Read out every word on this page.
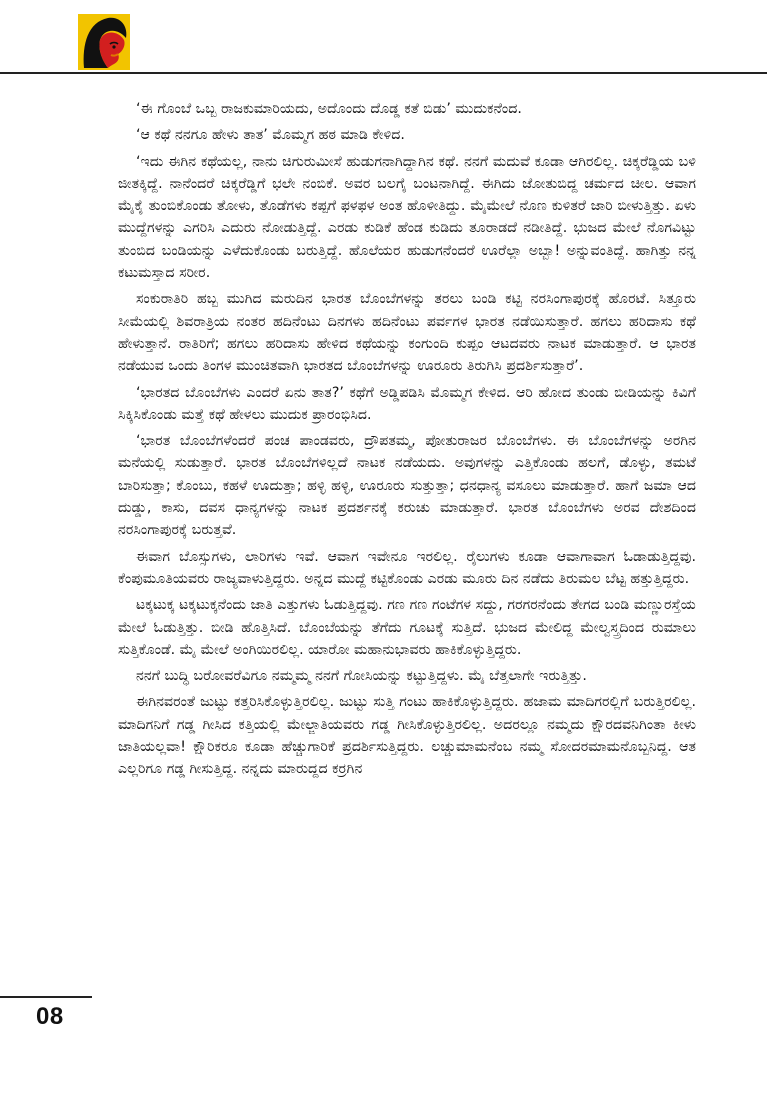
‘ಈ ಗೊಂಬೆ ಒಬ್ಬ ರಾಜಕುಮಾರಿಯದು, ಅದೊಂದು ದೊಡ್ಡ ಕತೆ ಬಿಡು’ ಮುದುಕನೆಂದ.

‘ಆ ಕಥೆ ನನಗೂ ಹೇಳು ತಾತ’ ಮೊಮ್ಮಗ ಹಠ ಮಾಡಿ ಕೇಳಿದ.

‘ಇದು ಈಗಿನ ಕಥೆಯಲ್ಲ, ನಾನು ಚಿಗುರುಮೀಸೆ ಹುಡುಗನಾಗಿದ್ದಾಗಿನ ಕಥೆ. ನನಗೆ ಮದುವೆ ಕೂಡಾ ಆಗಿರಲಿಲ್ಲ. ಚಿಕ್ಕರೆಡ್ಡಿಯ ಬಳಿ ಜೀತಕ್ಕಿದ್ದೆ. ನಾನೆಂದರೆ ಚಿಕ್ಕರೆಡ್ಡಿಗೆ ಭಲೇ ನಂಬಿಕೆ. ಅವರ ಬಲಗೈ ಬಂಟನಾಗಿದ್ದೆ. ಈಗಿದು ಜೋತುಬಿದ್ದ ಚರ್ಮದ ಚೀಲ. ಆವಾಗ ಮೈಕೈ ತುಂಬಿಕೊಂಡು ತೋಳು, ತೊಡೆಗಳು ಕಪ್ಪಗೆ ಫಳಫಳ ಅಂತ ಹೊಳೀತಿದ್ದು. ಮೈಮೇಲೆ ನೊಣ ಕುಳಿತರೆ ಜಾರಿ ಬೀಳುತ್ತಿತ್ತು. ಏಳು ಮುದ್ದೆಗಳನ್ನು ಎಗರಿಸಿ ಎದುರು ನೋಡುತ್ತಿದ್ದೆ. ಎರಡು ಕುಡಿಕೆ ಹೆಂಡ ಕುಡಿದು ತೂರಾಡದೆ ನಡೀತಿದ್ದೆ. ಭುಜದ ಮೇಲೆ ನೊಗವಿಟ್ಟು ತುಂಬಿದ ಬಂಡಿಯನ್ನು ಎಳೆದುಕೊಂಡು ಬರುತ್ತಿದ್ದೆ. ಹೊಲೆಯರ ಹುಡುಗನೆಂದರೆ ಊರೆಲ್ಲಾ ಅಬ್ಬಾ! ಅನ್ನುವಂತಿದ್ದೆ. ಹಾಗಿತ್ತು ನನ್ನ ಕಟುಮಸ್ತಾದ ಸರೀರ.

ಸಂಕುರಾತಿರಿ ಹಬ್ಬ ಮುಗಿದ ಮರುದಿನ ಭಾರತ ಬೊಂಬೆಗಳನ್ನು ತರಲು ಬಂಡಿ ಕಟ್ಟಿ ನರಸಿಂಗಾಪುರಕ್ಕೆ ಹೊರಟೆ. ಸಿತ್ತೂರು ಸೀಮೆಯಲ್ಲಿ ಶಿವರಾತ್ರಿಯ ನಂತರ ಹದಿನೆಂಟು ದಿನಗಳು ಹದಿನೆಂಟು ಪರ್ವಗಳ ಭಾರತ ನಡೆಯಿಸುತ್ತಾರೆ. ಹಗಲು ಹರಿದಾಸು ಕಥೆ ಹೇಳುತ್ತಾನೆ. ರಾತಿರಿಗೆ; ಹಗಲು ಹರಿದಾಸು ಹೇಳಿದ ಕಥೆಯನ್ನು ಕಂಗುಂದಿ ಕುಪ್ಪಂ ಆಟದವರು ನಾಟಕ ಮಾಡುತ್ತಾರೆ. ಆ ಭಾರತ ನಡೆಯುವ ಒಂದು ತಿಂಗಳ ಮುಂಚಿತವಾಗಿ ಭಾರತದ ಬೊಂಬೆಗಳನ್ನು ಊರೂರು ತಿರುಗಿಸಿ ಪ್ರದರ್ಶಿಸುತ್ತಾರೆ’.

‘ಭಾರತದ ಬೊಂಬೆಗಳು ಎಂದರೆ ಏನು ತಾತ?’ ಕಥೆಗೆ ಅಡ್ಡಿಪಡಿಸಿ ಮೊಮ್ಮಗ ಕೇಳಿದ. ಆರಿ ಹೋದ ತುಂಡು ಬೀಡಿಯನ್ನು ಕಿವಿಗೆ ಸಿಕ್ಕಿಸಿಕೊಂಡು ಮತ್ತೆ ಕಥೆ ಹೇಳಲು ಮುದುಕ ಪ್ರಾರಂಭಿಸಿದ.

‘ಭಾರತ ಬೊಂಬೆಗಳೆಂದರೆ ಪಂಚ ಪಾಂಡವರು, ದ್ರೌಪತಮ್ಮ, ಪೋತುರಾಜರ ಬೊಂಬೆಗಳು. ಈ ಬೊಂಬೆಗಳನ್ನು ಅರಗಿನ ಮನೆಯಲ್ಲಿ ಸುಡುತ್ತಾರೆ. ಭಾರತ ಬೊಂಬೆಗಳಿಲ್ಲದೆ ನಾಟಕ ನಡೆಯದು. ಅವುಗಳನ್ನು ಎತ್ತಿಕೊಂಡು ಹಲಗೆ, ಡೊಳ್ಳು, ತಮಟೆ ಬಾರಿಸುತ್ತಾ; ಕೊಂಬು, ಕಹಳೆ ಊದುತ್ತಾ; ಹಳ್ಳಿ ಹಳ್ಳಿ, ಊರೂರು ಸುತ್ತುತ್ತಾ; ಧನಧಾನ್ಯ ವಸೂಲು ಮಾಡುತ್ತಾರೆ. ಹಾಗೆ ಜಮಾ ಆದ ದುಡ್ಡು, ಕಾಸು, ದವಸ ಧಾನ್ಯಗಳನ್ನು ನಾಟಕ ಪ್ರದರ್ಶನಕ್ಕೆ ಕರುಚು ಮಾಡುತ್ತಾರೆ. ಭಾರತ ಬೊಂಬೆಗಳು ಅರವ ದೇಶದಿಂದ ನರಸಿಂಗಾಪುರಕ್ಕೆ ಬರುತ್ತವೆ.

ಈವಾಗ ಬೊಸ್ಸುಗಳು, ಲಾರಿಗಳು ಇವೆ. ಆವಾಗ ಇವೇನೂ ಇರಲಿಲ್ಲ. ರೈಲುಗಳು ಕೂಡಾ ಆವಾಗಾವಾಗ ಓಡಾಡುತ್ತಿದ್ದವು. ಕೆಂಪುಮೂತಿಯವರು ರಾಜ್ಯವಾಳುತ್ತಿದ್ದರು. ಅನ್ನದ ಮುದ್ದೆ ಕಟ್ಟಿಕೊಂಡು ಎರಡು ಮೂರು ದಿನ ನಡೆದು ತಿರುಮಲ ಬೆಟ್ಟ ಹತ್ತುತ್ತಿದ್ದರು.

ಟಕ್ಕಟುಕ್ಕ ಟಕ್ಕಟುಕ್ಕನೆಂದು ಜಾತಿ ಎತ್ತುಗಳು ಓಡುತ್ತಿದ್ದವು. ಗಣ ಗಣ ಗಂಟೆಗಳ ಸದ್ದು, ಗರಗರನೆಂದು ತೇಗದ ಬಂಡಿ ಮಣ್ಣುರಸ್ತೆಯ ಮೇಲೆ ಓಡುತ್ತಿತ್ತು. ಬೀಡಿ ಹೊತ್ತಿಸಿದೆ. ಬೊಂಬೆಯನ್ನು ತೆಗೆದು ಗೂಟಕ್ಕೆ ಸುತ್ತಿದೆ. ಭುಜದ ಮೇಲಿದ್ದ ಮೇಲ್ವಸ್ತ್ರದಿಂದ ರುಮಾಲು ಸುತ್ತಿಕೊಂಡೆ. ಮೈ ಮೇಲೆ ಅಂಗಿಯಿರಲಿಲ್ಲ. ಯಾರೋ ಮಹಾನುಭಾವರು ಹಾಕಿಕೊಳ್ಳುತ್ತಿದ್ದರು.

ನನಗೆ ಬುದ್ಧಿ ಬರೋವರೆವಿಗೂ ನಮ್ಮಮ್ಮ ನನಗೆ ಗೋಸಿಯನ್ನು ಕಟ್ಟುತ್ತಿದ್ದಳು. ಮೈ ಬೆತ್ತಲಾಗೇ ಇರುತ್ತಿತ್ತು.

ಈಗಿನವರಂತೆ ಜುಟ್ಟು ಕತ್ತರಿಸಿಕೊಳ್ಳುತ್ತಿರಲಿಲ್ಲ. ಜುಟ್ಟು ಸುತ್ತಿ ಗಂಟು ಹಾಕಿಕೊಳ್ಳುತ್ತಿದ್ದರು. ಹಜಾಮ ಮಾದಿಗರಲ್ಲಿಗೆ ಬರುತ್ತಿರಲಿಲ್ಲ. ಮಾದಿಗನಿಗೆ ಗಡ್ಡ ಗೀಸಿದ ಕತ್ತಿಯಲ್ಲಿ ಮೇಲ್ಜಾತಿಯವರು ಗಡ್ಡ ಗೀಸಿಕೊಳ್ಳುತ್ತಿರಲಿಲ್ಲ. ಅದರಲ್ಲೂ ನಮ್ಮದು ಕ್ಷೌರದವನಿಗಿಂತಾ ಕೀಳು ಜಾತಿಯಲ್ಲವಾ! ಕ್ಷೌರಿಕರೂ ಕೂಡಾ ಹೆಚ್ಚುಗಾರಿಕೆ ಪ್ರದರ್ಶಿಸುತ್ತಿದ್ದರು. ಲಚ್ಚುಮಾಮನೆಂಬ ನಮ್ಮ ಸೋದರಮಾಮನೊಬ್ಬನಿದ್ದ. ಆತ ಎಲ್ಲರಿಗೂ ಗಡ್ಡ ಗೀಸುತ್ತಿದ್ದ. ನನ್ನದು ಮಾರುದ್ದದ ಕರ್‍ರಗಿನ

08
